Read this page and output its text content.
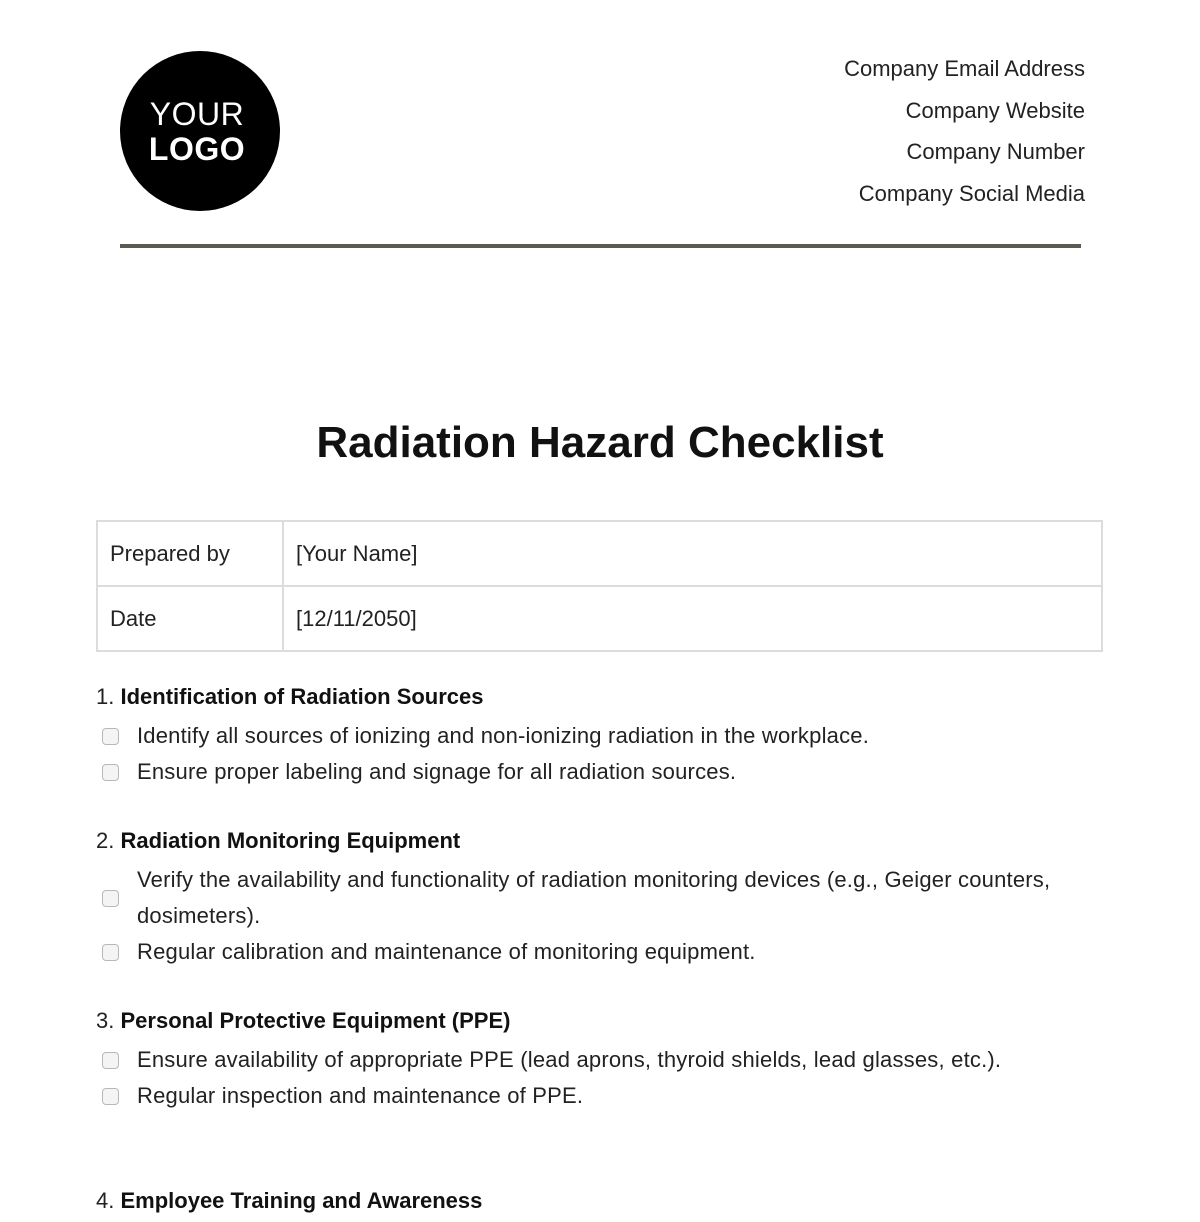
YOUR
LOGO
Company Email Address
Company Website
Company Number
Company Social Media
Radiation Hazard Checklist
Prepared by	[Your Name]
Date	[12/11/2050]
1. Identification of Radiation Sources
Identify all sources of ionizing and non-ionizing radiation in the workplace.
Ensure proper labeling and signage for all radiation sources.
2. Radiation Monitoring Equipment
Verify the availability and functionality of radiation monitoring devices (e.g., Geiger counters, dosimeters).
Regular calibration and maintenance of monitoring equipment.
3. Personal Protective Equipment (PPE)
Ensure availability of appropriate PPE (lead aprons, thyroid shields, lead glasses, etc.).
Regular inspection and maintenance of PPE.
4. Employee Training and Awareness
